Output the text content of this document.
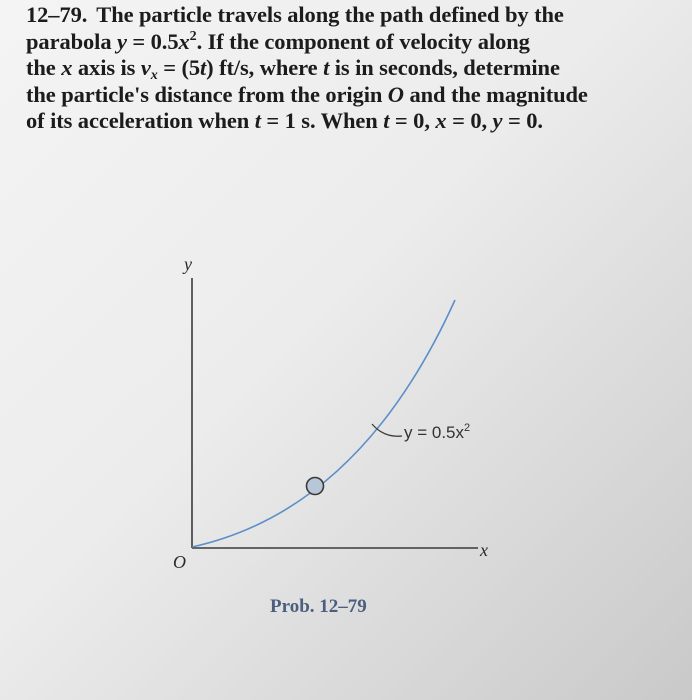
12–79. The particle travels along the path defined by the
parabola $y = 0.5x^2$. If the component of velocity along
the x axis is $v_x = (5t)$ ft/s, where t is in seconds, determine
the particle's distance from the origin O and the magnitude
of its acceleration when t = 1 s. When t = 0, x = 0, y = 0.
y
x
O
$y = 0.5x^2$
Prob. 12–79
